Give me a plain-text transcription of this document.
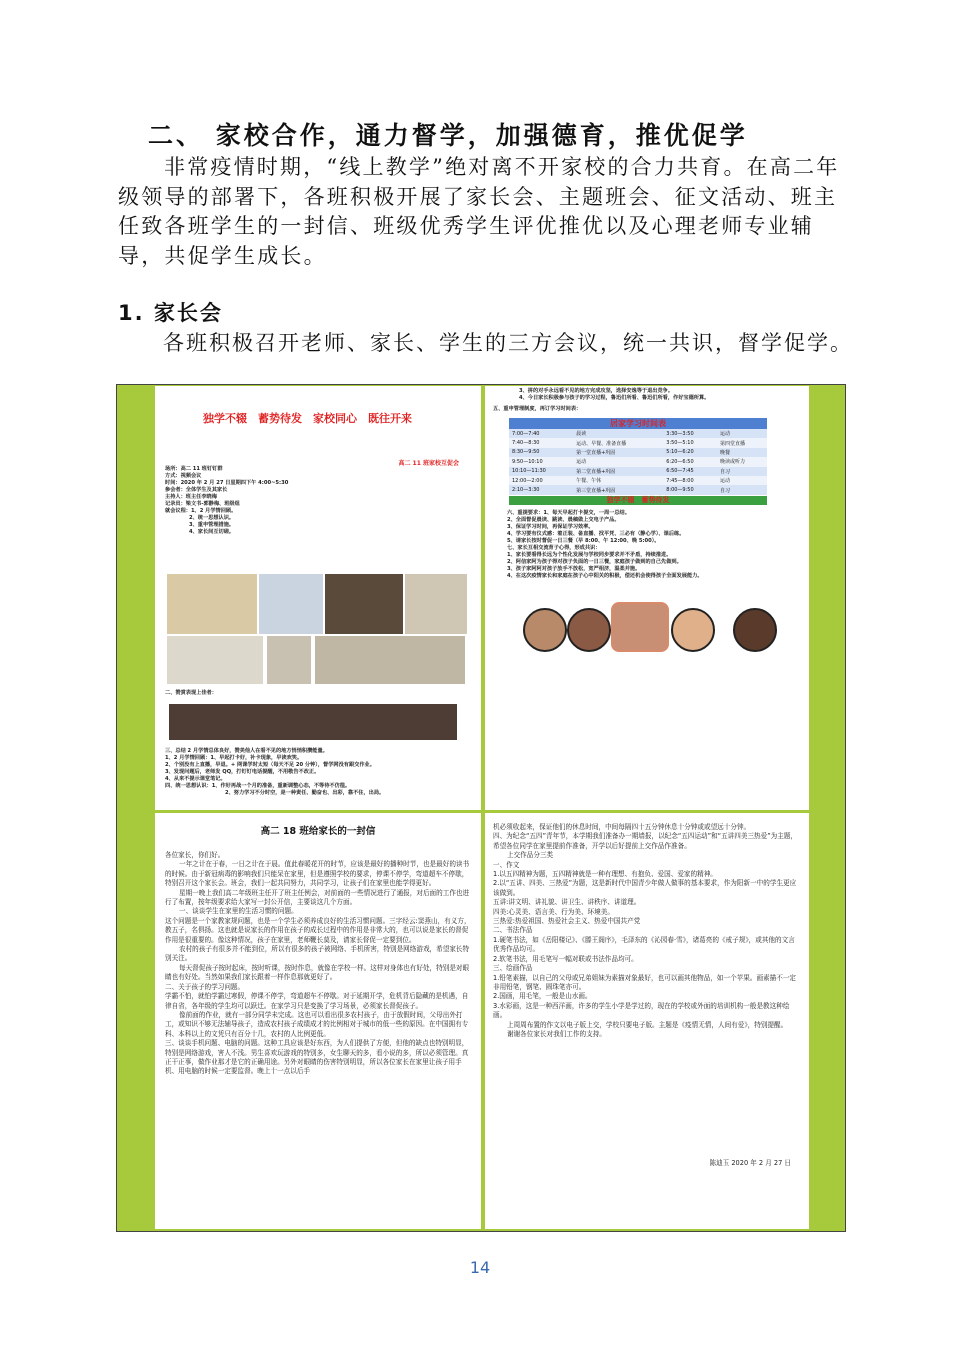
二、 家校合作，通力督学，加强德育，推优促学
非常疫情时期，“线上教学”绝对离不开家校的合力共育。在高二年级领导的部署下，各班积极开展了家长会、主题班会、征文活动、班主任致各班学生的一封信、班级优秀学生评优推优以及心理老师专业辅导，共促学生成长。
1. 家长会
各班积极召开老师、家长、学生的三方会议，统一共识，督学促学。
独学不辍　蓄势待发　家校同心　既往开来
高二 11 班家校互促会
场所：高二 11 班钉钉群
方式：视频会议
时间：2020 年 2 月 27 日星期四下午 4:00~5:30
参会者：全体学生及其家长
主持人：班主任李晓梅
记录员：梁文书-郭静梅、班级组
就会议程：1、2 月学情回顾。
2、统一思想认识。
3、重申管理措施。
4、家长间互切磋。
二、赞赏表现上佳者：
三、总结 2 月学情总体良好，赞美他人在看不见的地方悄悄积攒能量。
1、2 月学情回顾：1、早起打卡好，补卡现象，早读欢笑。
2、个别没有上直播，早退。+ 网课学时太短（每天不足 20 分钟），督学网没有跟交作业。
3、发现问题后，老师发 QQ，打钉钉电话提醒，不用敬告不改正。
4、从来不提示课堂笔记。
四、统一思想认识：1、作好再战一个月的准备，重新调整心态，不等待不仿徨。
2、努力学习不分时空，是一种责任、勤奋也、出彩，靠不住，出局。
3、拼的对手永远看不见的地方完成攻坚，选择安逸等于退出竞争。
4、今日家长积极参与孩子的学习过程，鲁迅们所看、鲁迅们所看，作好宝德所算。
五、重申管理制度，再订学习时间表：
居家学习时间表
7:00—7:40	晨读	3:30—3:50	运动
7:40—8:30	运动、早餐、准备直播	3:50—5:10	第四堂直播
8:30—9:50	第一堂直播+巩固	5:10—6:20	晚餐
9:50—10:10	运动	6:20—6:50	晚读或听力
10:10—11:30	第二堂直播+巩固	6:50—7:45	自习
12:00—2:00	午餐、午休	7:45—8:00	运动
2:10—3:30	第三堂直播+巩固	8:00—9:50	自习
独学不辍　蓄势待发
六、重提要求：1、每天早起打卡提交，一周一总结。
2、全面督促晨读、跳读、晨稿做上交电子产品。
3、保证学习时间，再保证学习效率。
4、学习要有仪式感：着正装、备直播、找平凭、三必有（静心学）、课后练。
5、请家长按时督促一日三餐（早 8:00、午 12:00、晚 5:00）。
七、家长互相交流育子心得，形成共识：
1、家长要看得长远为个性化发展与学校同步要求并不矛盾，持续推进。
2、阿信家阿为孩子得对孩子负面的一日三餐，家庭孩子做到的自己先做到。
3、孩子家阿阿对孩子放手不放松，宽严相济，温柔并施。
4、在这次疫情家长和家庭在孩子心中阳关的积极，偿还机会使得孩子全面发展能力。
高二 18 班给家长的一封信
各位家长，你们好。
一年之计在于春，一日之计在于晨。值此春暖花开的时节，应该是最好的播种时节，也是最好的读书的时候。由于新冠病毒的影响我们只能呆在家里，但是遵照学校的要求，停课不停学，弯道超车不停歇，特别召开这个家长会。班会，我们一起共同努力，共同学习，让孩子们在家里也能学得更好。
星期一晚上我们高二年级班主任开了班主任例会，对前面的一些情况进行了通报，对后面的工作也进行了布置，按年级要求给大家写一封公开信，主要谈这几个方面。
一、谈谈学生在家里的生活习惯的问题。
这个问题是一个家教家规问题，也是一个学生必须养成良好的生活习惯问题。三字经云:窦燕山，有义方，教五子，名俱扬。这也就是说家长的作用在孩子的成长过程中的作用是非常大的，也可以说是家长的督促作用是很重要的。像这种情况，孩子在家里，老师鞭长莫及，请家长督促一定要到位。
农村的孩子有很多并不能到位，所以有很多的孩子被网络、手机所害，特别是网络游戏，希望家长特别关注。
每天督促孩子按时起床，按时听课，按时作息，就像在学校一样。这样对身体也有好处，特别是对眼睛也有好处。当然如果我们家长跟着一样作息那就更好了。
二、关于孩子的学习问题。
学霸不怕，就怕学霸过寒假，停课不停学，弯道超车不停歇。对于延期开学，危机背后隐藏的是机遇，自律自省，各年级的学生均可以跃迁。在家学习只是变换了学习场景，必须家长督促孩子。
像前面的作业，就有一部分同学未完成。这也可以看出很多农村孩子，由于放假时间，父母出外打工，或知识不够无法辅导孩子，造成农村孩子成绩成才的比例相对于城市的低一些的原因。在中国拥有专科、本科以上的文凭只有百分十几，农村的人比例更低。
三、谈谈手机问题、电脑的问题。这种工具应该是好东西，为人们提供了方便，但他的缺点也特别明显，特别是网络游戏，害人不浅。男生喜欢玩游戏的特别多，女生聊天的多，看小说的多，所以必须管理。真正干正事，做作业那才是它的正确用途。另外对眼睛的伤害特别明显，所以各位家长在家里让孩子用手机、用电脑的时候一定要监督。晚上十一点以后手
机必须收起来，保证他们的休息时间，中间每隔四十五分钟休息十分钟或或望远十分钟。
四、为纪念“五四”青年节，本学期我们准备办一期墙报，以纪念“五四运动”和“五讲四美三热爱”为主题，希望各位同学在家里提前作准备，开学以后好提前上交作品作准备。
上交作品分三类
一、作文
1.以五四精神为题，五四精神就是一种有理想、有抱负、爱国、爱家的精神。
2.以“五讲、四美、三热爱”为题，这是新时代中国青少年做人做事的基本要求，作为阳新一中的学生更应该做到。
五讲:讲文明、讲礼貌、讲卫生、讲秩序、讲道理。
四美:心灵美、语言美、行为美、环境美。
三热爱:热爱祖国、热爱社会主义、热爱中国共产党
二、书法作品
1.硬笔书法，如《岳阳楼记》、《滕王阁序》，毛泽东的《沁园春·雪》，诸葛亮的《戒子规》，或其他的文言优秀作品均可。
2.软笔书法，用毛笔写一幅对联或书法作品均可。
三、绘画作品
1.铅笔素描，以自己的父母或兄弟姐妹为素描对象最好，也可以画其他物品，如一个苹果。画素描不一定非用铅笔，钢笔、圆珠笔亦可。
2.国画，用毛笔，一般是山水画。
3.水彩画，这是一种西洋画，许多的学生小学是学过的，现在的学校或外面的培训机构一般是教这种绘画。
上周周布置的作文以电子版上交，学校只要电子版。主题是《疫情无情，人间有爱》，特别提醒。
谢谢各位家长对我们工作的支持。
陈迪玉 2020 年 2 月 27 日
14
